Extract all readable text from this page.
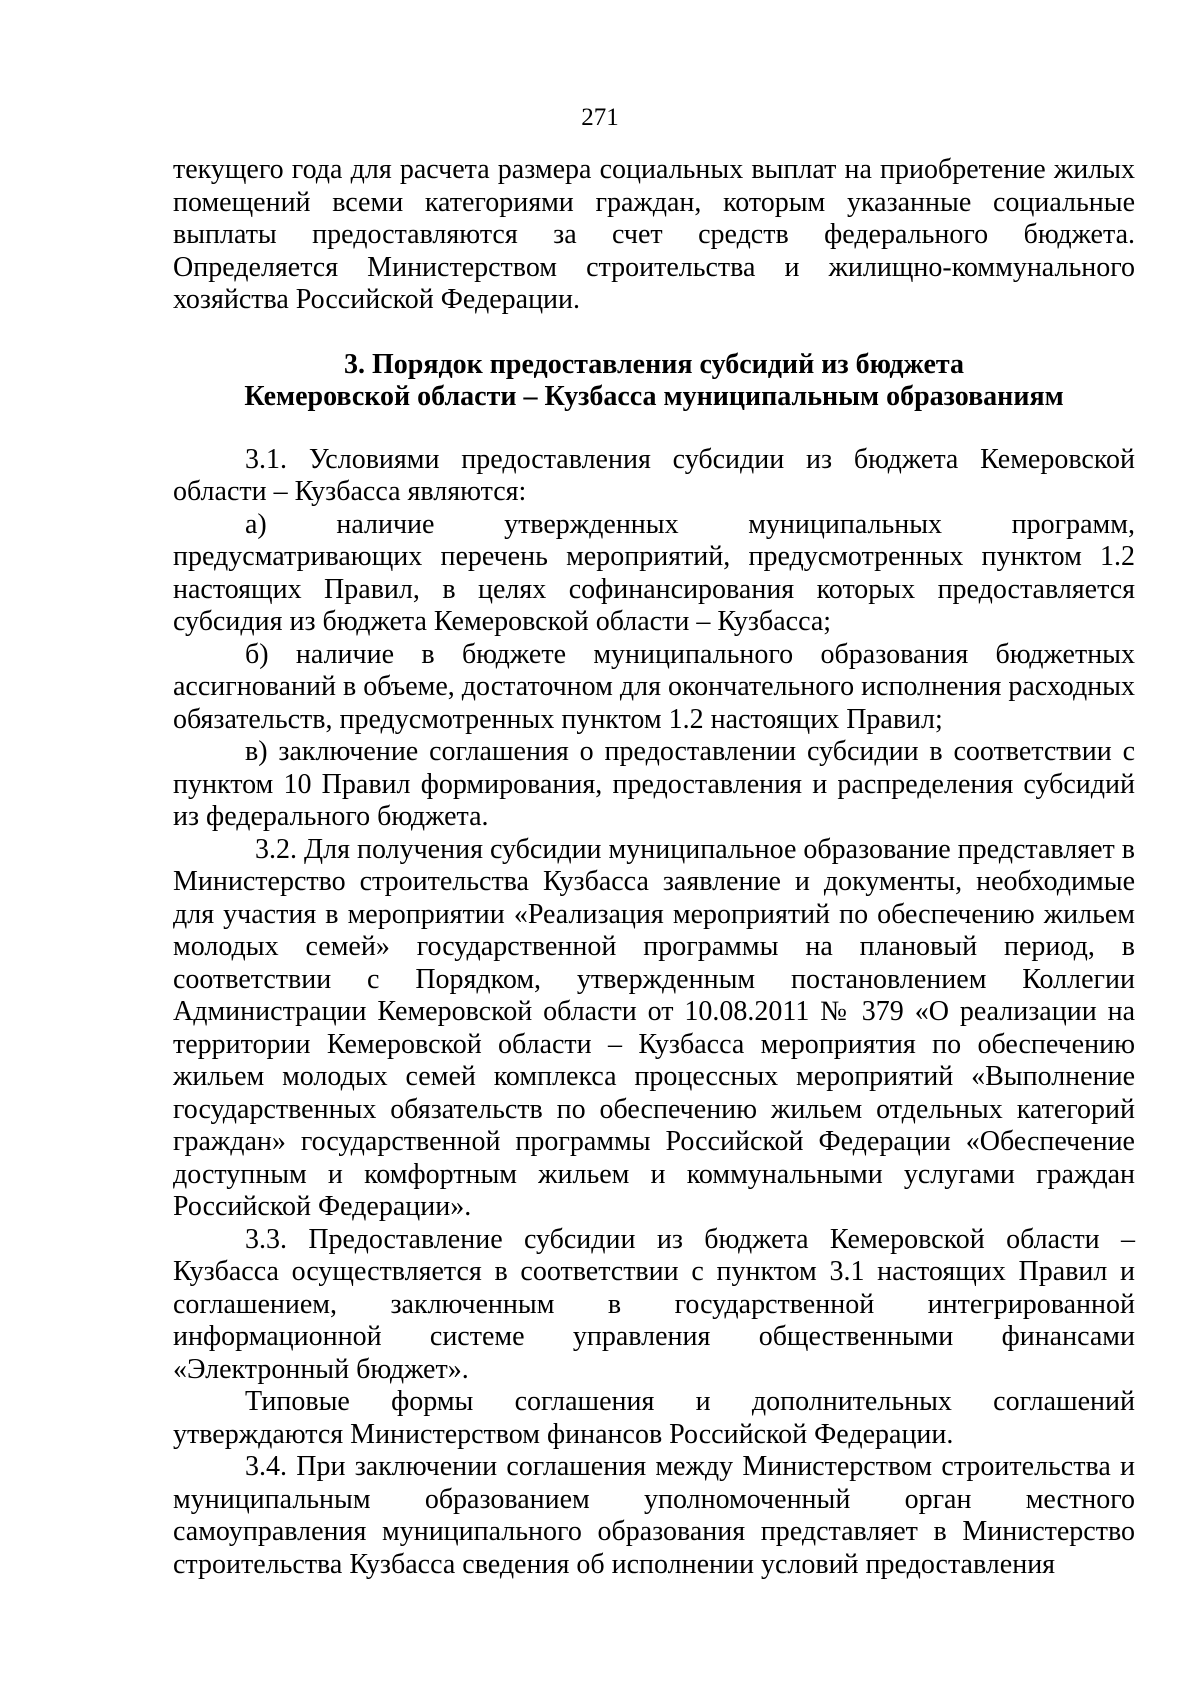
271

текущего года для расчета размера социальных выплат на приобретение жилых помещений всеми категориями граждан, которым указанные социальные выплаты предоставляются за счет средств федерального бюджета. Определяется Министерством строительства и жилищно-коммунального хозяйства Российской Федерации.

3. Порядок предоставления субсидий из бюджета
Кемеровской области – Кузбасса муниципальным образованиям

3.1. Условиями предоставления субсидии из бюджета Кемеровской области – Кузбасса являются:

а) наличие утвержденных муниципальных программ, предусматривающих перечень мероприятий, предусмотренных пунктом 1.2 настоящих Правил, в целях софинансирования которых предоставляется субсидия из бюджета Кемеровской области – Кузбасса;

б) наличие в бюджете муниципального образования бюджетных ассигнований в объеме, достаточном для окончательного исполнения расходных обязательств, предусмотренных пунктом 1.2 настоящих Правил;

в) заключение соглашения о предоставлении субсидии в соответствии с пунктом 10 Правил формирования, предоставления и распределения субсидий из федерального бюджета.

3.2. Для получения субсидии муниципальное образование представляет в Министерство строительства Кузбасса заявление и документы, необходимые для участия в мероприятии «Реализация мероприятий по обеспечению жильем молодых семей» государственной программы на плановый период, в соответствии с Порядком, утвержденным постановлением Коллегии Администрации Кемеровской области от 10.08.2011 № 379 «О реализации на территории Кемеровской области – Кузбасса мероприятия по обеспечению жильем молодых семей комплекса процессных мероприятий «Выполнение государственных обязательств по обеспечению жильем отдельных категорий граждан» государственной программы Российской Федерации «Обеспечение доступным и комфортным жильем и коммунальными услугами граждан Российской Федерации».

3.3. Предоставление субсидии из бюджета Кемеровской области – Кузбасса осуществляется в соответствии с пунктом 3.1 настоящих Правил и соглашением, заключенным в государственной интегрированной информационной системе управления общественными финансами «Электронный бюджет».

Типовые формы соглашения и дополнительных соглашений утверждаются Министерством финансов Российской Федерации.

3.4. При заключении соглашения между Министерством строительства и муниципальным образованием уполномоченный орган местного самоуправления муниципального образования представляет в Министерство строительства Кузбасса сведения об исполнении условий предоставления
